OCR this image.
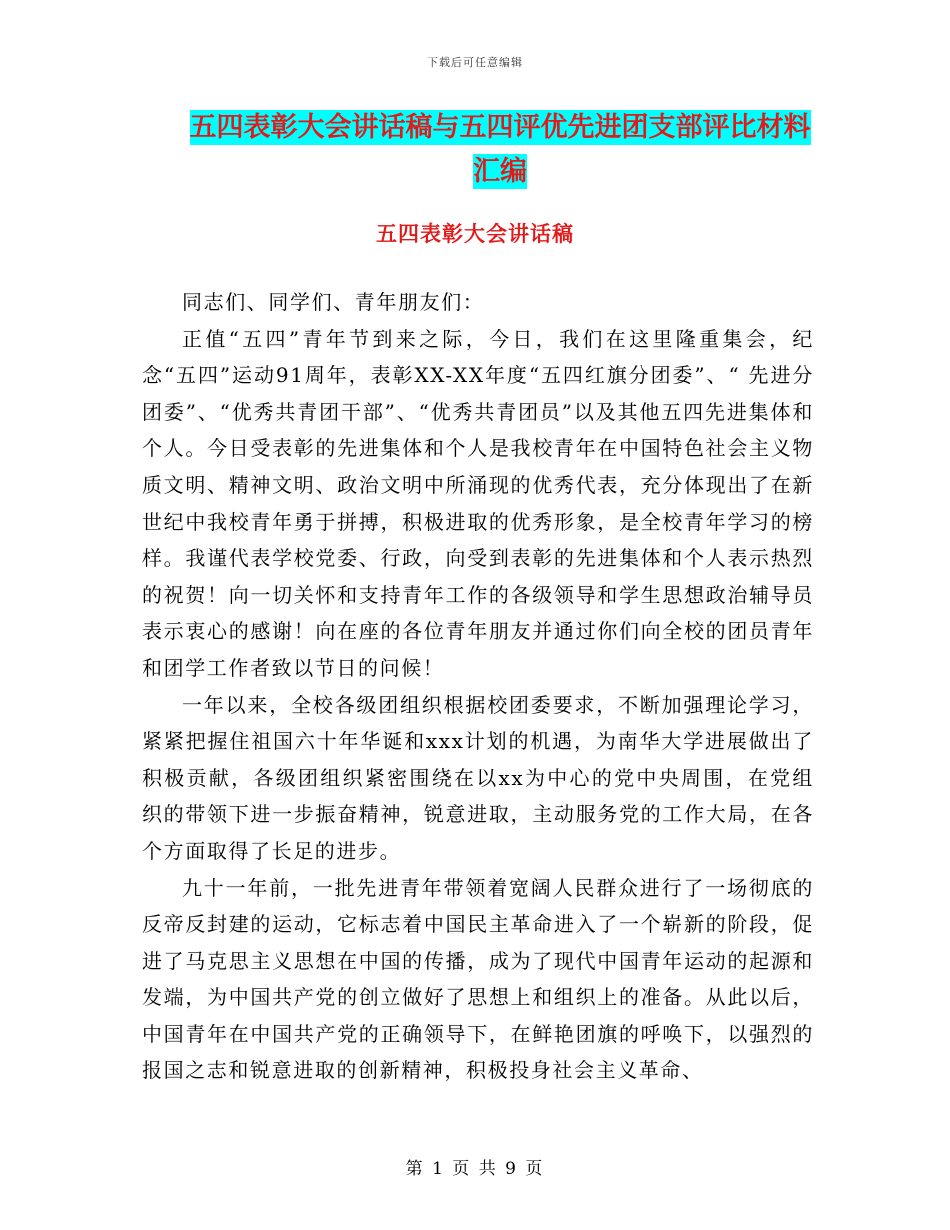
下载后可任意编辑
五四表彰大会讲话稿与五四评优先进团支部评比材料
汇编
五四表彰大会讲话稿

同志们、同学们、青年朋友们：

正值“五四”青年节到来之际，今日，我们在这里隆重集会，纪念“五四”运动91周年，表彰XX-XX年度“五四红旗分团委”、“ 先进分团委”、“优秀共青团干部”、“优秀共青团员”以及其他五四先进集体和个人。今日受表彰的先进集体和个人是我校青年在中国特色社会主义物质文明、精神文明、政治文明中所涌现的优秀代表，充分体现出了在新世纪中我校青年勇于拼搏，积极进取的优秀形象，是全校青年学习的榜样。我谨代表学校党委、行政，向受到表彰的先进集体和个人表示热烈的祝贺！向一切关怀和支持青年工作的各级领导和学生思想政治辅导员表示衷心的感谢！向在座的各位青年朋友并通过你们向全校的团员青年和团学工作者致以节日的问候！

一年以来，全校各级团组织根据校团委要求，不断加强理论学习，紧紧把握住祖国六十年华诞和xxx计划的机遇，为南华大学进展做出了积极贡献，各级团组织紧密围绕在以xx为中心的党中央周围，在党组织的带领下进一步振奋精神，锐意进取，主动服务党的工作大局，在各个方面取得了长足的进步。

九十一年前，一批先进青年带领着宽阔人民群众进行了一场彻底的反帝反封建的运动，它标志着中国民主革命进入了一个崭新的阶段，促进了马克思主义思想在中国的传播，成为了现代中国青年运动的起源和发端，为中国共产党的创立做好了思想上和组织上的准备。从此以后，中国青年在中国共产党的正确领导下，在鲜艳团旗的呼唤下，以强烈的报国之志和锐意进取的创新精神，积极投身社会主义革命、

第 1 页 共 9 页
